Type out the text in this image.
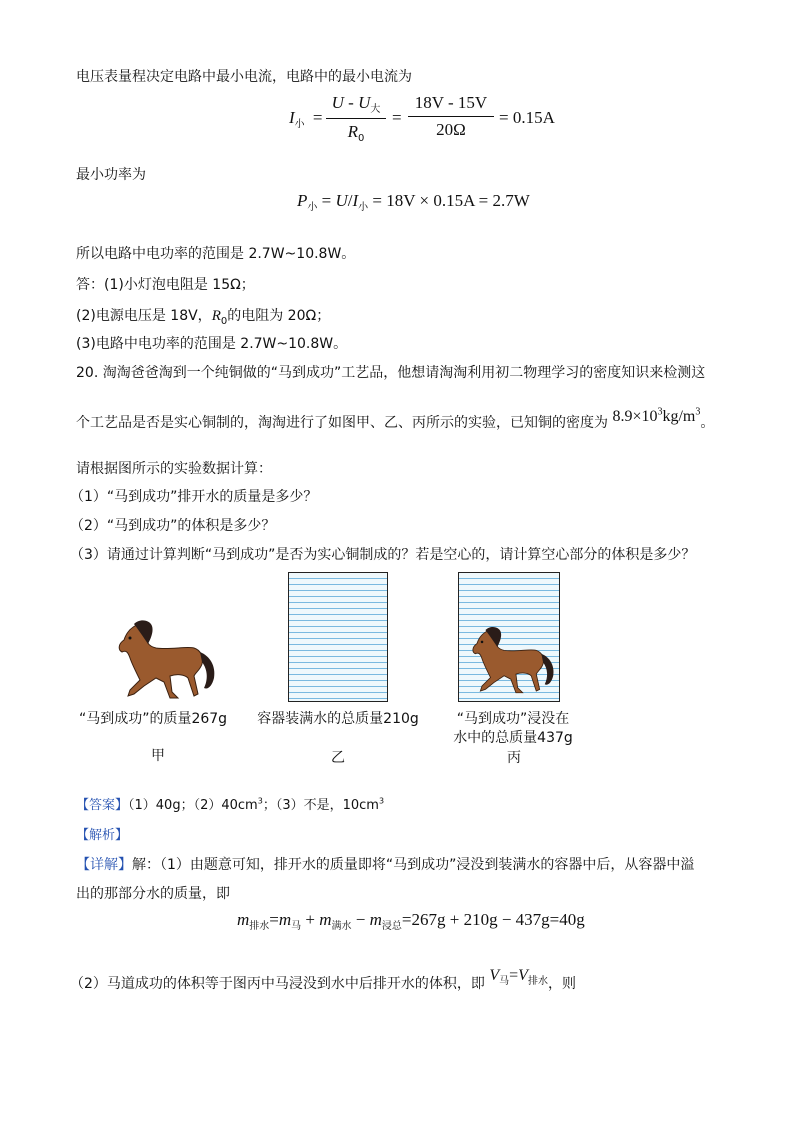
电压表量程决定电路中最小电流，电路中的最小电流为
$I_小$ =
U - $U_大$
$R_0$
=
18V - 15V
20Ω
= 0.15A
最小功率为
$P_小 = U/I_小 = 18V \times 0.15A = 2.7W$
所以电路中电功率的范围是 2.7W~10.8W。
答：(1)小灯泡电阻是 15Ω；
(2)电源电压是 18V，$R_0$的电阻为 20Ω；
(3)电路中电功率的范围是 2.7W~10.8W。
20. 淘淘爸爸淘到一个纯铜做的“马到成功”工艺品，他想请淘淘利用初二物理学习的密度知识来检测这
个工艺品是否是实心铜制的，淘淘进行了如图甲、乙、丙所示的实验，已知铜的密度为 $8.9\times 10^3kg/m^3$。
请根据图所示的实验数据计算：
（1）“马到成功”排开水的质量是多少？
（2）“马到成功”的体积是多少？
（3）请通过计算判断“马到成功”是否为实心铜制成的？若是空心的，请计算空心部分的体积是多少？
“马到成功”的质量267g	容器装满水的总质量210g	“马到成功”浸没在
水中的总质量437g
甲	乙	丙
【答案】（1）40g；$(2)40cm^3$；（3）不是，$10cm^3$
【解析】
【详解】解：（1）由题意可知，排开水的质量即将“马到成功”浸没到装满水的容器中后，从容器中溢
出的那部分水的质量，即
$m_{排水}=m_马 + m_{满水} - m_{浸总}=267g + 210g - 437g=40g$
（2）马道成功的体积等于图丙中马浸没到水中后排开水的体积，即 $V_马=V_{排水}$，则
